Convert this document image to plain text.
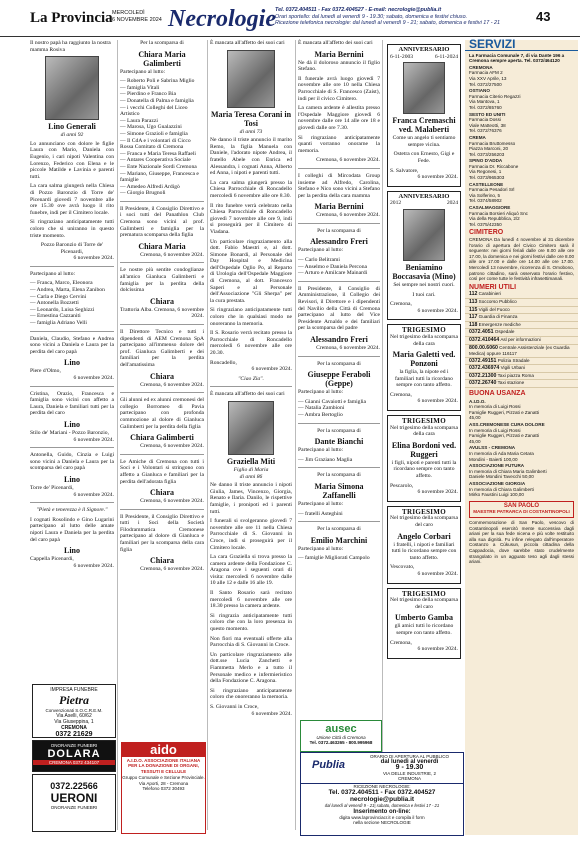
La Provincia MERCOLEDÌ
6 NOVEMBRE 2024 Necrologie Tel. 0372.404511 - Fax 0372.404527 - E-mail: necrologie@publia.it
Orari sportello: dal lunedì al venerdì 9 - 19.30; sabato, domenica e festivi chiuso.
Ricezione telefonica necrologie: dal lunedì al venerdì 9 - 21; sabato, domenica e festivi 17 - 21	43

Il nostro papà ha raggiunto la nostra mamma Rosiva

Lino Generali
di anni 92

Lo annunciano con dolore le figlie Laura con Mario, Daniela con Eugenio, i cari nipoti Valentina con Lorenzo, Federico con Elena e le piccole Matilde e Lavinia e parenti tutti.

La cara salma giungerà nella Chiesa di Pozzo Baronzio di Torre de' Picenardi giovedì 7 novembre alle ore 15.30 ove avrà luogo il rito funebre, indi per il Cimitero locale.

Si ringraziano anticipatamente tutti coloro che si uniranno in questo triste momento.

Pozzo Baronzio di Torre de' Picenardi,

6 novembre 2024.

Partecipano al lutto:

— Franca, Marco, Eleonora
— Andrea, Marta, Elena Zanibon
— Carla e Diego Cervini
— Antonella Bozzetti
— Leonardo, Luisa Seghizzi
— Ernestina Cazzaniti
— famiglia Adriano Velli

Daniela, Claudio, Stefano e Andrea sono vicini a Daniela e Laura per la perdita del caro papà

Lino

Piere d'Olmo,

6 novembre 2024.

Cristina, Orazio, Francesca e famiglia sono vicini con affetto a Laura, Daniela e familiari tutti per la perdita del caro

Lino

Stilo de' Mariani - Pozzo Baronzio,

6 novembre 2024.

Antonella, Guido, Cinzia e Luigi sono vicini a Daniela e Laura per la scomparsa del caro papà

Lino

Torre de' Picenardi,

6 novembre 2024.

"Pietà e tenerezza è il Signore."

I cognati Rosolindo e Gino Lugarini partecipano al lutto delle amate nipoti Laura e Daniela per la perdita del caro papà

Lino

Cappella Picenardi,

6 novembre 2024.

IMPRESA FUNEBRE
Pietra
Convenzionati S.O.C.R.E.M.
Via Aselli, 60/62
Via Giuseppina, 1
CREMONA
0372 21629
ONORANZE FUNEBRI
DOLARA
CREMONA 0372 434107
0372.22566
UERONI
ONORANZE FUNEBRI

Per la scomparsa di

Chiara Maria Galimberti

Partecipano al lutto:

— Roberto Poli e Sabrina Miglio
— famiglia Vitali
— Pierdino e Franco Bia
— Donatella di Palma e famiglia
— i vecchi Colleghi del Liceo Artistico
— Laura Parazzi
— Marosa, Ugo Gualazzini
— Simone Grazioli e famiglia
— Il CdA e i volontari di Cicco Rossa Comitato di Cremona
— Franca e Maria Teresa Raffaeli
— Antares Cooperativa Sociale
— Ente Nazionale Sordi Cremona
— Mariano, Giuseppe, Francesca e famiglie
— Amedeo Alfredi Ardigò
— Giorgio Brugnoli

Il Presidente, il Consiglio Direttivo e i soci tutti del Panathlon Club Cremona sono vicini al prof. Galimberti e famiglia per la prematura scomparsa della figlia

Chiara Maria

Cremona, 6 novembre 2024.

Le nostre più sentite condoglianze all'amico Gianluca Galimberti e famiglia per la perdita della dolcissima

Chiara

Trattoria Alba. Cremona, 6 novembre 2024.

Il Direttore Tecnico e tutti i dipendenti di AEM Cremona SpA partecipano all'immenso dolore del prof. Gianluca Galimberti e dei familiari per la perdita dell'amatissima

Chiara

Cremona, 6 novembre 2024.

Gli alunni ed ex alunni cremonesi del collegio Borromeo di Pavia partecipano con profonda commozione al dolore di Gianluca Galimberti per la perdita della figlia

Chiara Galimberti

Cremona, 6 novembre 2024.

Le Amiche di Cremona con tutti i Soci e i Volontari si stringono con affetto a Gianluca e familiari per la perdita dell'adorata figlia

Chiara

Cremona, 6 novembre 2024.

Il Presidente, il Consiglio Direttivo e tutti i Soci della Società Filodrammatica Cremonese partecipano al dolore di Gianluca e familiari per la scomparsa della cara figlia

Chiara

Cremona, 6 novembre 2024.

aido
A.I.D.O. ASSOCIAZIONE ITALIANA PER LA DONAZIONE DI ORGANI, TESSUTI E CELLULE
Gruppo Comunale e Sezione Provinciale.
Via Aporti, 28 - Cremona
Telefono 0372 30493

È mancata all'affetto dei suoi cari

Maria Teresa Corani in Tosi
di anni 73

Ne danno il triste annuncio il marito Remo, la figlia Manuela con Daniele, l'adorato nipote Andrea, il fratello Abele con Enrica ed Alessandra, i cognati Anna, Alberto ed Anna, i nipoti e parenti tutti.

La cara salma giungerà presso la Chiesa Parrocchiale di Roncadello mercoledì 6 novembre alle ore 8.30.

Il rito funebre verrà celebrato nella Chiesa Parrocchiale di Roncadello giovedì 7 novembre alle ore 9, indi si proseguirà per il Cimitero di Viadana.

Un particolare ringraziamento alla dott. Fabio Maestri e, al dott. Simone Bonardi, al Personale del Day Hospital e Medicina dell'Ospedale Oglio Po, al Reparto di Urologia dell'Ospedale Maggiore di Cremona, al dott. Francesco Saperi e al Personale dell'Associazione "Gli Sherpa" per la cura prestata.

Si ringraziano anticipatamente tutti coloro che in qualsiasi modo ne onoreranno la memoria.

Il S. Rosario verrà recitato presso la Parrocchiale di Roncadello mercoledì 6 novembre alle ore 20.30.

Roncadello,

6 novembre 2024.

"Ciao Zia".

È mancata all'affetto dei suoi cari

Graziella Miti
Figlio di Maria
di anni 86

Ne danno il triste annuncio i nipoti Giulia, James, Vincenzo, Giorgia, Renato e Ilaria. Danilo, le rispettive famiglie, i pronipoti ed i parenti tutti.

I funerali si svolgeranno giovedì 7 novembre alle ore 11 nella Chiesa Parrocchiale di S. Giovanni in Croce, indi si proseguirà per il Cimitero locale.

La cara Graziella si trova presso la camera ardente della Fondazione C. Aragona ove i seguenti orari di visita: mercoledì 6 novembre dalle 10 alle 12 e dalle 16 alle 19.

Il Santo Rosario sarà recitato mercoledì 6 novembre alle ore 18.30 presso la camera ardente.

Si ringrazia anticipatamente tutti coloro che con la loro presenza in questo momento.

Non fiori ma eventuali offerte alla Parrocchia di S. Giovanni in Croce.

Un particolare ringraziamento alle dott.sse Lucia Zanchetti e Fiammetta Merlo e a tutto il Personale medico e infermieristico della Fondazione C. Aragona.

Si ringraziano anticipatamente coloro che onoreranno la memoria.

S. Giovanni in Croce,

6 novembre 2024.

È mancata all'affetto dei suoi cari

Maria Bernini

Ne dà il doloroso annuncio il figlio Stefano.

Il funerale avrà luogo giovedì 7 novembre alle ore 10 nella Chiesa Parrocchiale di S. Francesco (Zaist), indi per il civico Cimitero.

La camera ardente è allestita presso l'Ospedale Maggiore giovedì 6 novembre dalle ore 14 alle ore 18 e giovedì dalle ore 7.30.

Si ringraziano anticipatamente quanti vorranno onorarne la memoria.

Cremona, 6 novembre 2024.

I colleghi di Mircodata Group insieme ad Alfredo, Carolina, Stefano e Nico sono vicini a Stefano per la perdita della cara mamma

Maria Bernini

Cremona, 6 novembre 2024.

Per la scomparsa di

Alessandro Freri

Partecipano al lutto:

— Carlo Belitrami
— Anselmo e Daniela Percona
— Arturo e Amilcare Mainardi

Il Presidente, il Consiglio di Amministrazione, il Collegio dei Revisori, il Direttore e i dipendenti del Navilio della Città di Cremona partecipano al lutto del Vice Presidente Arnaldo e dei familiari per la scomparsa del padre

Alessandro Freri

Cremona, 6 novembre 2024.

Per la scomparsa di

Giuseppe Feraboli (Geppe)

Partecipano al lutto:

— Gianni Cavaiotti e famiglia
— Natalia Zambioni
— Ambra Bertoglio

Per la scomparsa di

Dante Bianchi

Partecipano al lutto:

— Jim Graziano Maglia

Per la scomparsa di

Maria Simona Zaffanelli

Partecipano al lutto:

— fratelli Asteghini

Per la scomparsa di

Emilio Marchini

Partecipano al lutto:

— famiglie Migliorati Campolo
ausec
Unione Città di Cremona
Tel. 0372.463265 - 800.995968
ANNIVERSARIO
6-11-2003	6-11-2024
Franca Cremaschi ved. Malaberti

Come un angelo ti sentiamo sempre vicina.

Ostetra con Ernesto, Gigi e Fede.

S. Salvatore,

6 novembre 2024.

ANNIVERSARIO
2012	2024
Beniamino Boccasavia (Mino)

Sei sempre nei nostri cuori.

I tuoi cari.

Cremona,

6 novembre 2024.

TRIGESIMO

Nel trigesimo della scomparsa della cara

Maria Galetti ved. Ponzoni

la figlia, la nipote ed i familiari tutti la ricordano sempre con tanto affetto.

Cremona,

6 novembre 2024.

TRIGESIMO

Nel trigesimo della scomparsa della cara

Elina Bordoni ved. Ruggeri

i figli, nipoti e parenti tutti la ricordano sempre con tanto affetto.

Pescarolo,

6 novembre 2024.

TRIGESIMO

Nel trigesimo della scomparsa del caro

Angelo Corbari

i fratelli, i nipoti e familiari tutti lo ricordano sempre con tanto affetto.

Vescovato,

6 novembre 2024.

TRIGESIMO

Nel trigesimo della scomparsa del caro

Umberto Gamba

gli amici tutti lo ricordano sempre con tanto affetto.

Cremona,

6 novembre 2024.

Publia
ORARIO DI APERTURA AL PUBBLICO
dal lunedì al venerdì
9 - 19.30
VIA DELLE INDUSTRIE, 2
CREMONA
RICEZIONE NECROLOGIE:
Tel. 0372.404511 - Fax 0372.404527
necrologie@publia.it
dal lunedì al venerdì 9 - 21| sabato, domenica e festivi 17 - 21
Inserimento on-line:
digita www.laprovinciacr.it e compila il form
nella sezione NECROLOGIE
SERVIZI
La Farmacia Comunale 7, di via Dante 196 a Cremona sempre aperta. Tel. 0372/464120
CREMONA
Farmacia AFM 2
Via XXV Aprile, 13
Tel. 0372/27500
OSTIANO
Farmacia Citerio Regazzi
Via Mantova, 1
Tel. 0372/85760
SESTO ED UNITI
Farmacia Dossi
Viale Matteotti, 38
Tel. 0372/76376
CREMA
Farmacia Bruttomesso
Piazza Marconi, 20
Tel. 0373/256203
SPINO D'ADDA
Farmacia Dr. Riccabone
Via Regonesi, 1
Tel. 0373/965303
CASTELLEONE
Farmacia Pesadori Srl
Via Solferino, 5
Tel. 0374/58902
CASALMAGGIORE
Farmacia Borsieri Aliquò Snc
Via della Repubblica, 2/2
Tel. 0375/42350
CIMITERO
CREMONA Da lunedì 4 novembre al 31 dicembre l'orario di apertura del Civico Cimitero sarà il seguente: nei giorni feriali dalle ore 8.00 alle ore 17.00, la domenica e nei giorni festivi dalle ore 8.00 alle ore 17.00 e dalle ore 14.00 alle ore 17.00. Mercoledì 13 novembre, ricorrenza di S. Omobono, patrono cittadino, sarà osservato l'orario festivo, così per come tutte le festività infrasettimanali.
NUMERI UTILI
112 Carabinieri
113 Soccorso Pubblico
115 Vigili del Fuoco
117 Guardia di Finanza
118 Emergenze mediche
0372.4051 Ospedale
0372.410464 Asl per informazioni
800.00.6060 Centrale Assistenziale (ex Guardia Medica) oppure 116117
0372.49151 Polizia Stradale
0372.436974 Vigili Urbani
0372.21300 Taxi piazza Roma
0372.26740 Taxi stazione
BUONA USANZA
A.I.D.O.
In memoria di Luigi Rossi
Famiglie Ruggeri, Pizzati e Zanatti
45,00
ASS.CREMONESE CURA DOLORE
In memoria di Luigi Rossi
Famiglie Ruggeri, Pizzati e Zanatti
45,00
AVULSS - CREMONA
In memoria di Ada Maria Cetara
Mondini - Baierti 100,00
ASSOCIAZIONE FUTURA
In memoria di Chiara Maria Galimberti
Daniele Mondini Tavecchi 50,00
ASSOCIAZIONE GIORGIA
In memoria di Chiara Galimberti
Mirko Faustini Luigi 100,00
SAN PAOLO
MAESTRE PATRARCA DI COSTANTINOPOLI
Commemorazione di San Paolo, vescovo di Costantinopoli esercitò mente successiva dagli ariani per la sua fede nicena e più volte restituito alla sua dignità. Fu infine relegato dall'imperatore Costanzo a Cúkusun, piccola cittadina della Cappadocia, dove sarebbe stato crudelmente strangolato in un agguato teso agli dagli stessi ariani.
